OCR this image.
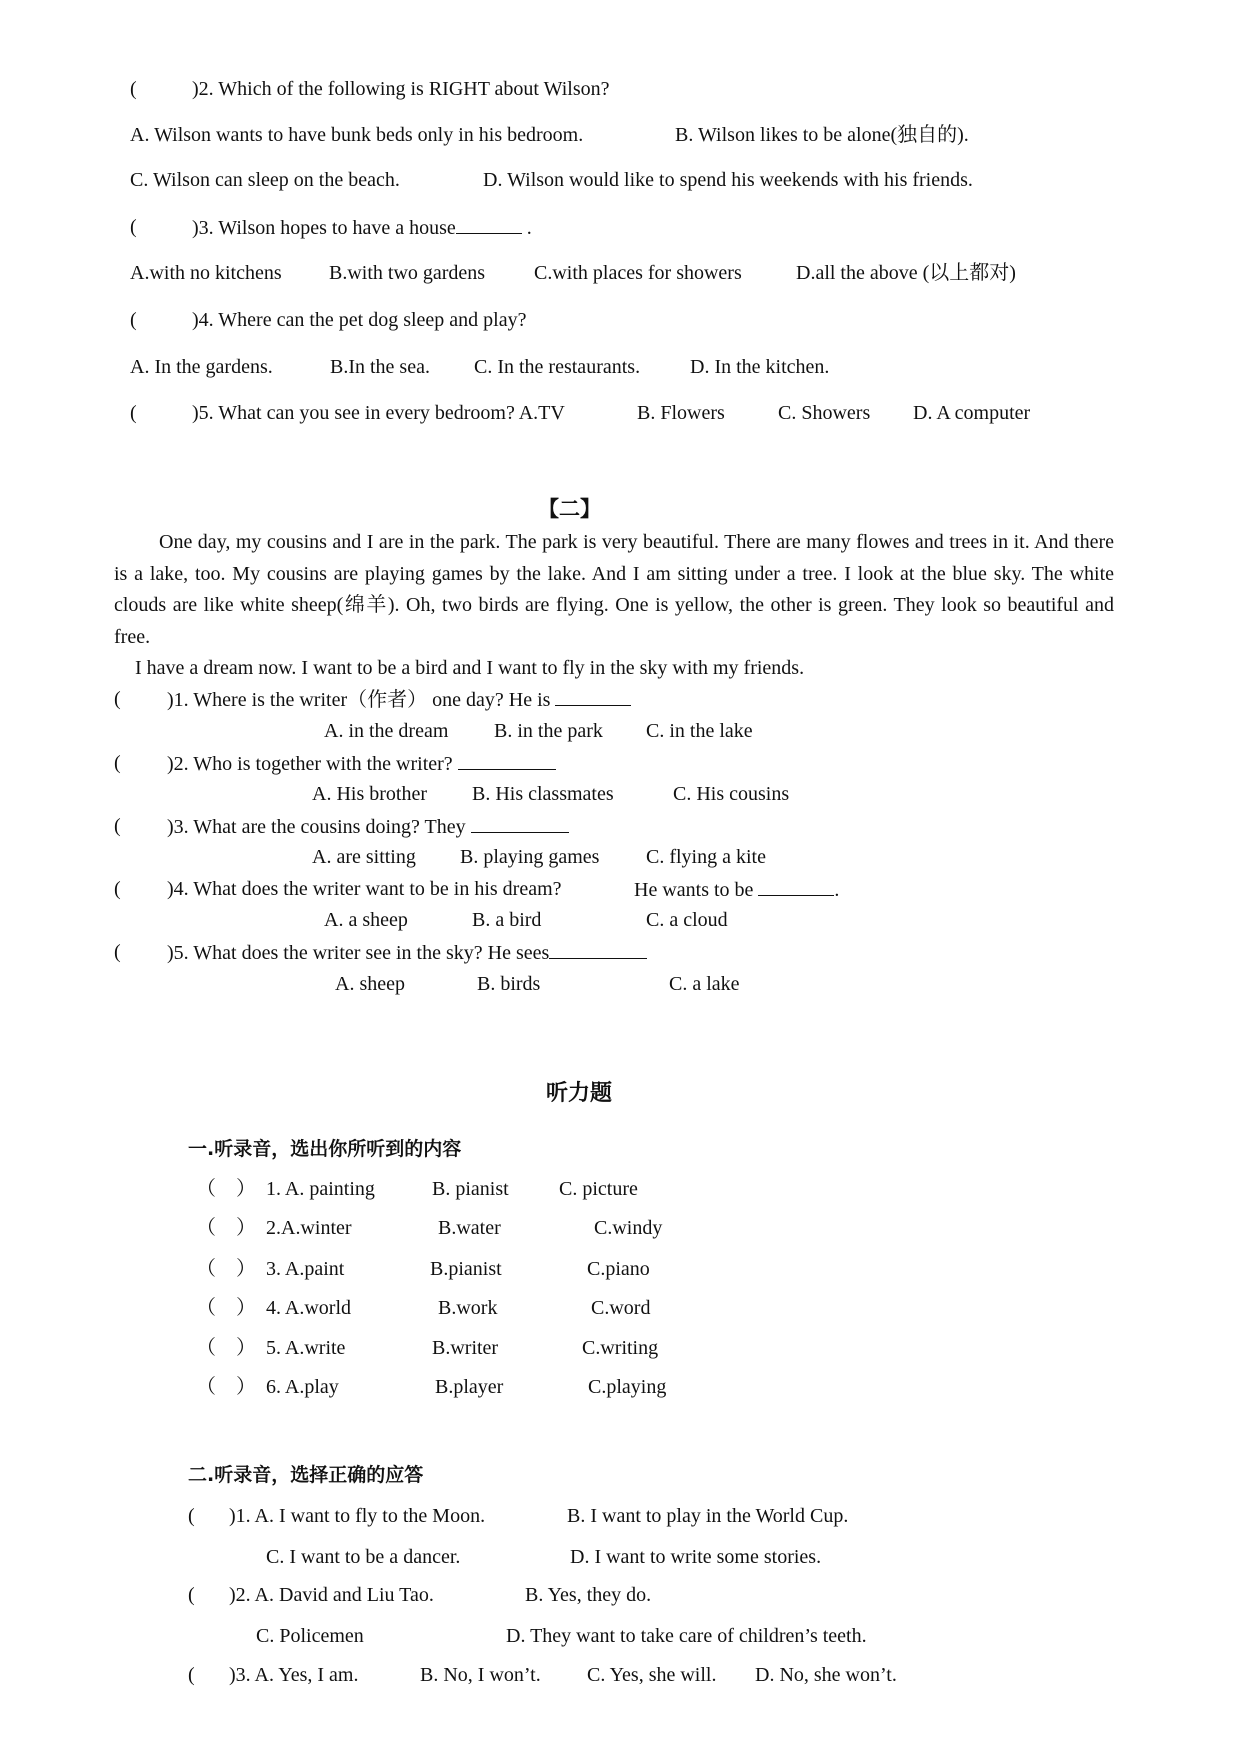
(	)2. Which of the following is RIGHT about Wilson?
A. Wilson wants to have bunk beds only in his bedroom.	B. Wilson likes to be alone(独自的).
C. Wilson can sleep on the beach.	D. Wilson would like to spend his weekends with his friends.
(	)3. Wilson hopes to have a house	.
A.with no kitchens B.with two gardens C.with places for showers	D.all the above (以上都对)
(	)4. Where can the pet dog sleep and play?
A. In the gardens.	B.In the sea. C. In the restaurants. D. In the kitchen.
(	)5. What can you see in every bedroom? A.TV	B. Flowers	C. Showers D. A computer
【二】

One day, my cousins and I are in the park. The park is very beautiful. There are many flowes and trees in it. And there is a lake, too. My cousins are playing games by the lake. And I am sitting under a tree. I look at the blue sky. The white clouds are like white sheep(绵羊). Oh, two birds are flying. One is yellow, the other is green. They look so beautiful and free.

I have a dream now. I want to be a bird and I want to fly in the sky with my friends.

( )1. Where is the writer（作者） one day? He is
A. in the dream B. in the park C. in the lake
( )2. Who is together with the writer?
A. His brother B. His classmates	C. His cousins
( )3. What are the cousins doing? They
A. are sitting B. playing games C. flying a kite
( )4. What does the writer want to be in his dream?	He wants to be	.
A. a sheep	B. a bird	C. a cloud
( )5. What does the writer see in the sky? He sees
A. sheep	B. birds	C. a lake
听力题
一.听录音，选出你所听到的内容
（ ） 1. A. painting	B. pianist	C. picture
（ ） 2.A.winter	B.water	C.windy
（ ） 3. A.paint	B.pianist	C.piano
（ ） 4. A.world	B.work	C.word
（ ） 5. A.write	B.writer	C.writing
（ ） 6. A.play	B.player	C.playing
二.听录音，选择正确的应答
( )1. A. I want to fly to the Moon.	B. I want to play in the World Cup.
C. I want to be a dancer.	D. I want to write some stories.
( )2. A. David and Liu Tao.	B. Yes, they do.
C. Policemen	D. They want to take care of children’s teeth.
( )3. A. Yes, I am.	B. No, I won’t. C. Yes, she will. D. No, she won’t.
